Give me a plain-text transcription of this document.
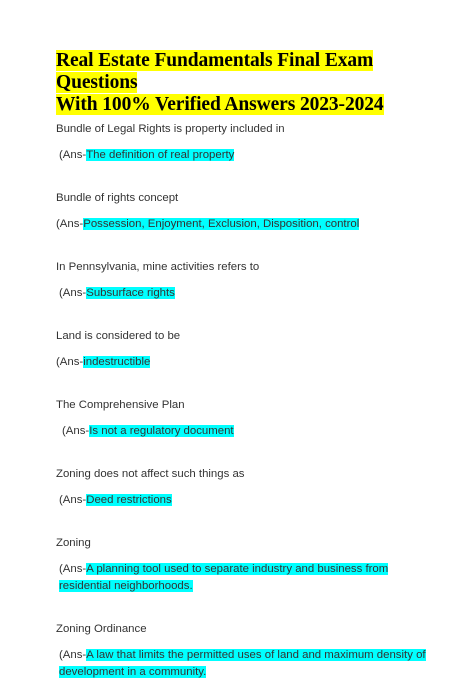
Real Estate Fundamentals Final Exam Questions
With 100% Verified Answers 2023-2024
Bundle of Legal Rights is property included in
(Ans-The definition of real property
Bundle of rights concept
(Ans-Possession, Enjoyment, Exclusion, Disposition, control
In Pennsylvania, mine activities refers to
(Ans-Subsurface rights
Land is considered to be
(Ans-indestructible
The Comprehensive Plan
(Ans-Is not a regulatory document
Zoning does not affect such things as
(Ans-Deed restrictions
Zoning
(Ans-A planning tool used to separate industry and business from residential neighborhoods.
Zoning Ordinance
(Ans-A law that limits the permitted uses of land and maximum density of development in a community.
